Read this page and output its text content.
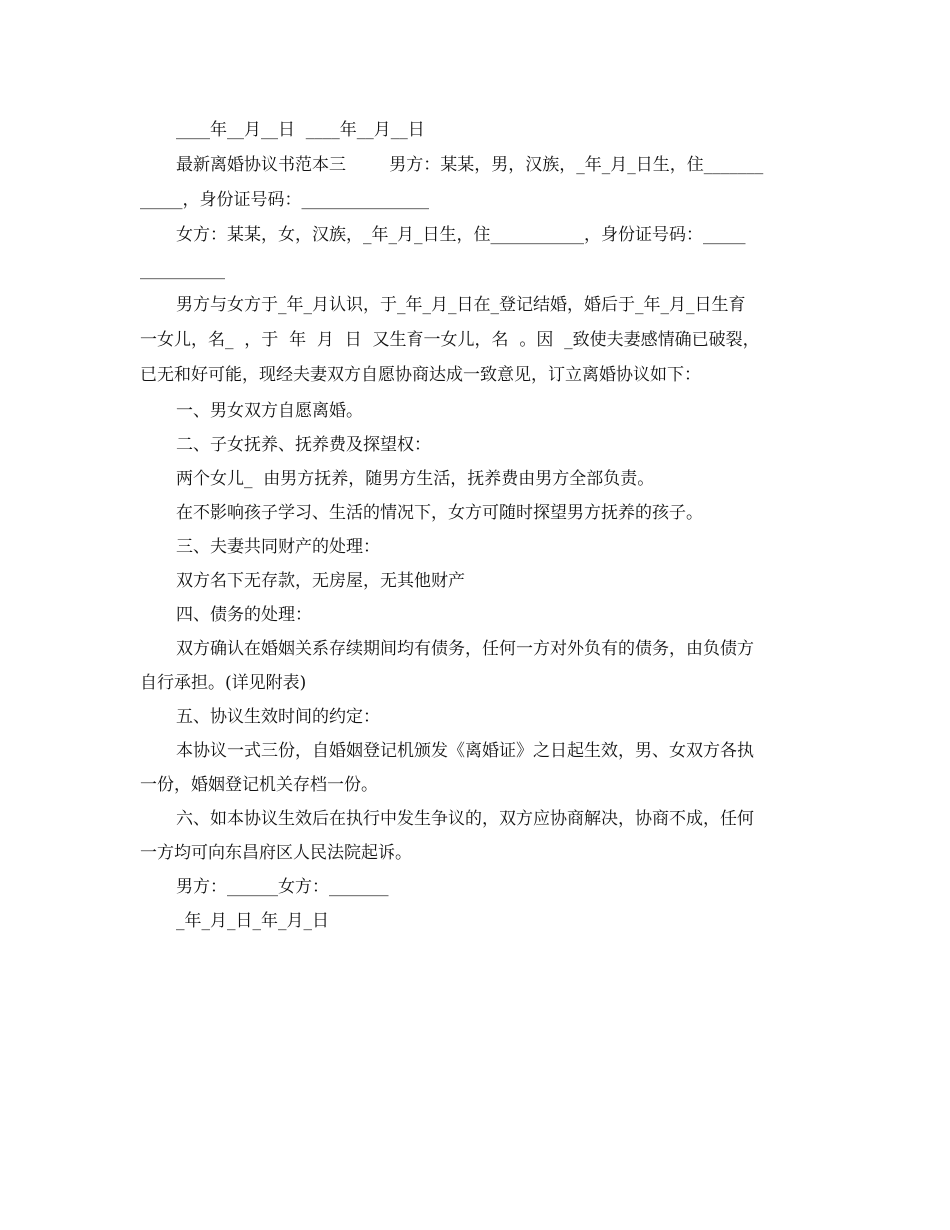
____年__月__日  ____年__月__日
最新离婚协议书范本三        男方：某某，男，汉族，_年_月_日生，住_______
_____，身份证号码：_______________
女方：某某，女，汉族，_年_月_日生，住___________，身份证号码：_____
__________
男方与女方于_年_月认识，于_年_月_日在_登记结婚，婚后于_年_月_日生育
一女儿，名_  ，于  年  月  日  又生育一女儿，名  。因  _致使夫妻感情确已破裂，
已无和好可能，现经夫妻双方自愿协商达成一致意见，订立离婚协议如下：
一、男女双方自愿离婚。
二、子女抚养、抚养费及探望权：
两个女儿_  由男方抚养，随男方生活，抚养费由男方全部负责。
在不影响孩子学习、生活的情况下，女方可随时探望男方抚养的孩子。
三、夫妻共同财产的处理：
双方名下无存款，无房屋，无其他财产
四、债务的处理：
双方确认在婚姻关系存续期间均有债务，任何一方对外负有的债务，由负债方
自行承担。(详见附表)
五、协议生效时间的约定：
本协议一式三份，自婚姻登记机颁发《离婚证》之日起生效，男、女双方各执
一份，婚姻登记机关存档一份。
六、如本协议生效后在执行中发生争议的，双方应协商解决，协商不成，任何
一方均可向东昌府区人民法院起诉。
男方：______女方：_______
_年_月_日_年_月_日
